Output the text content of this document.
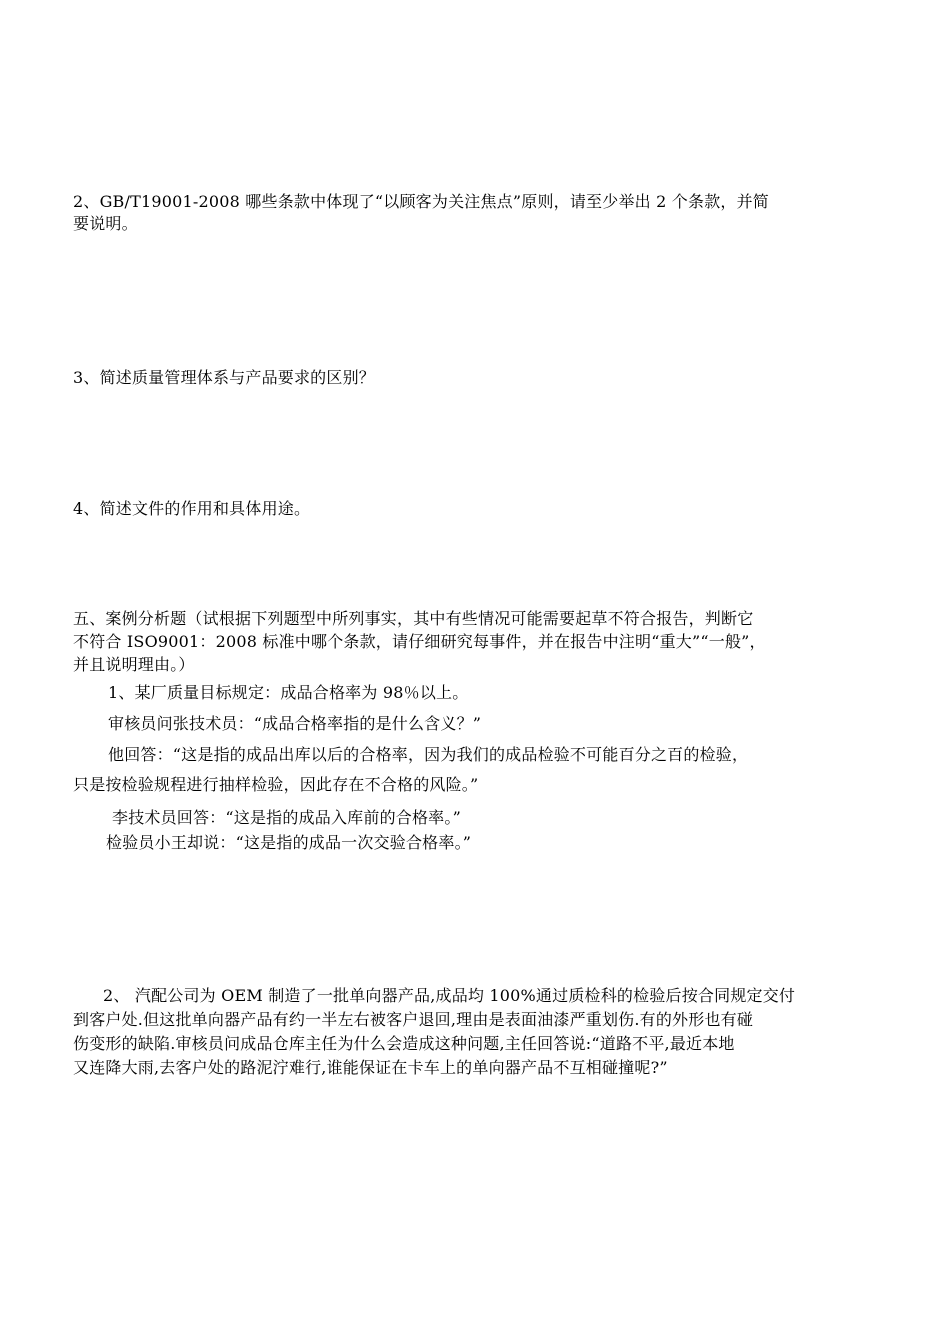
2、GB/T19001-2008 哪些条款中体现了“以顾客为关注焦点”原则，请至少举出 2 个条款，并简
要说明。
3、简述质量管理体系与产品要求的区别？
4、简述文件的作用和具体用途。
五、案例分析题（试根据下列题型中所列事实，其中有些情况可能需要起草不符合报告，判断它
不符合 ISO9001：2008 标准中哪个条款，请仔细研究每事件，并在报告中注明“重大”“一般”，
并且说明理由。）
1、某厂质量目标规定：成品合格率为 98％以上。
审核员问张技术员：“成品合格率指的是什么含义？”
他回答：“这是指的成品出库以后的合格率，因为我们的成品检验不可能百分之百的检验，
只是按检验规程进行抽样检验，因此存在不合格的风险。”
李技术员回答：“这是指的成品入库前的合格率。”
检验员小王却说：“这是指的成品一次交验合格率。”
2、 汽配公司为 OEM 制造了一批单向器产品,成品均 100%通过质检科的检验后按合同规定交付
到客户处.但这批单向器产品有约一半左右被客户退回,理由是表面油漆严重划伤.有的外形也有碰
伤变形的缺陷.审核员问成品仓库主任为什么会造成这种问题,主任回答说:“道路不平,最近本地
又连降大雨,去客户处的路泥泞难行,谁能保证在卡车上的单向器产品不互相碰撞呢?”
